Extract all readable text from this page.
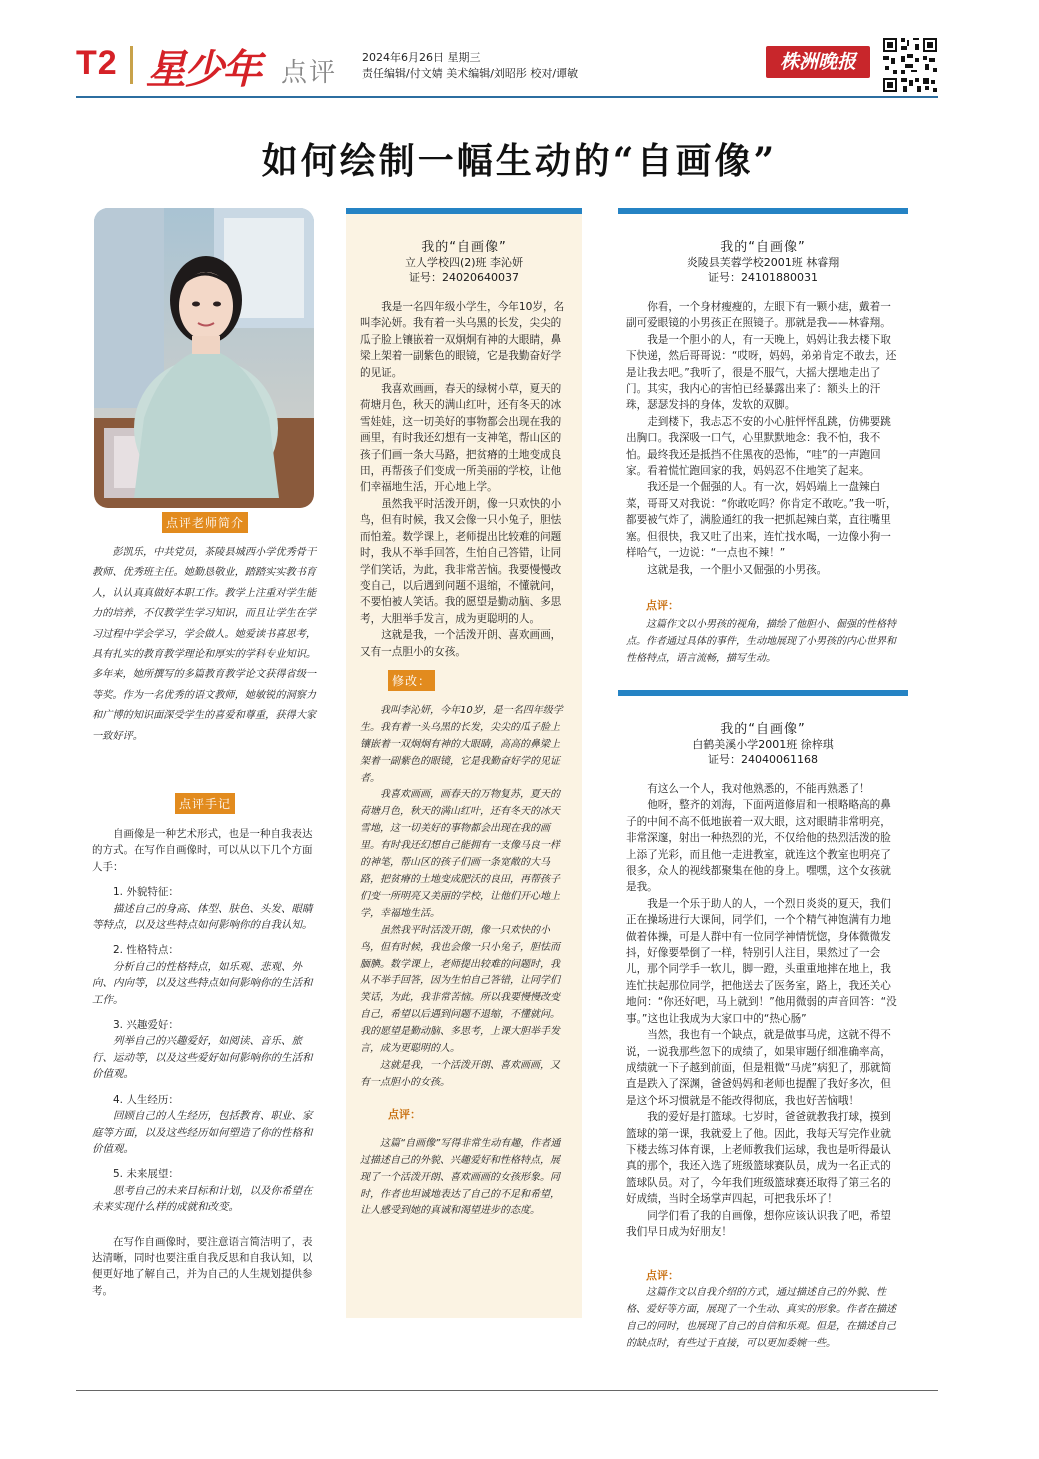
T2 星少年 点评
2024年6月26日 星期三
责任编辑/付文婧 美术编辑/刘昭彤 校对/谭敏
株洲晚报
如何绘制一幅生动的“自画像”
点评老师简介

彭凯乐，中共党员，茶陵县城西小学优秀骨干教师、优秀班主任。她勤恳敬业，踏踏实实教书育人，认认真真做好本职工作。教学上注重对学生能力的培养，不仅教学生学习知识，而且让学生在学习过程中学会学习，学会做人。她爱读书喜思考，具有扎实的教育教学理论和厚实的学科专业知识。多年来，她所撰写的多篇教育教学论文获得省级一等奖。作为一名优秀的语文教师，她敏锐的洞察力和广博的知识面深受学生的喜爱和尊重，获得大家一致好评。

点评手记

自画像是一种艺术形式，也是一种自我表达的方式。在写作自画像时，可以从以下几个方面人手：

1. 外貌特征：

描述自己的身高、体型、肤色、头发、眼睛等特点，以及这些特点如何影响你的自我认知。

2. 性格特点：

分析自己的性格特点，如乐观、悲观、外向、内向等，以及这些特点如何影响你的生活和工作。

3. 兴趣爱好：

列举自己的兴趣爱好，如阅读、音乐、旅行、运动等，以及这些爱好如何影响你的生活和价值观。

4. 人生经历：

回顾自己的人生经历，包括教育、职业、家庭等方面，以及这些经历如何塑造了你的性格和价值观。

5. 未来展望：

思考自己的未来目标和计划，以及你希望在未来实现什么样的成就和改变。

在写作自画像时，要注意语言简洁明了，表达清晰，同时也要注重自我反思和自我认知，以便更好地了解自己，并为自己的人生规划提供参考。

我的“自画像”
立人学校四(2)班 李沁妍
证号：24020640037

我是一名四年级小学生，今年10岁，名叫李沁妍。我有着一头乌黑的长发，尖尖的瓜子脸上镶嵌着一双炯炯有神的大眼睛，鼻梁上架着一副紫色的眼镜，它是我勤奋好学的见证。

我喜欢画画，春天的绿树小草，夏天的荷塘月色，秋天的满山红叶，还有冬天的冰雪娃娃，这一切美好的事物都会出现在我的画里，有时我还幻想有一支神笔，帮山区的孩子们画一条大马路，把贫瘠的土地变成良田，再帮孩子们变成一所美丽的学校，让他们幸福地生活，开心地上学。

虽然我平时活泼开朗，像一只欢快的小鸟，但有时候，我又会像一只小兔子，胆怯而怕羞。数学课上，老师提出比较难的问题时，我从不举手回答，生怕自己答错，让同学们笑话，为此，我非常苦恼。我要慢慢改变自己，以后遇到问题不退缩，不懂就问，不要怕被人笑话。我的愿望是勤动脑、多思考，大胆举手发言，成为更聪明的人。

这就是我，一个活泼开朗、喜欢画画，又有一点胆小的女孩。

修改：

我叫李沁妍，今年10岁，是一名四年级学生。我有着一头乌黑的长发，尖尖的瓜子脸上镶嵌着一双炯炯有神的大眼睛，高高的鼻梁上架着一副紫色的眼镜，它是我勤奋好学的见证者。

我喜欢画画，画春天的万物复苏，夏天的荷塘月色，秋天的满山红叶，还有冬天的冰天雪地，这一切美好的事物都会出现在我的画里。有时我还幻想自己能拥有一支像马良一样的神笔，帮山区的孩子们画一条宽敞的大马路，把贫瘠的土地变成肥沃的良田，再帮孩子们变一所明亮又美丽的学校，让他们开心地上学，幸福地生活。

虽然我平时活泼开朗，像一只欢快的小鸟，但有时候，我也会像一只小兔子，胆怯而腼腆。数学课上，老师提出较难的问题时，我从不举手回答，因为生怕自己答错，让同学们笑话，为此，我非常苦恼。所以我要慢慢改变自己，希望以后遇到问题不退缩，不懂就问。我的愿望是勤动脑、多思考，上课大胆举手发言，成为更聪明的人。

这就是我，一个活泼开朗、喜欢画画，又有一点胆小的女孩。

点评：

这篇“自画像”写得非常生动有趣，作者通过描述自己的外貌、兴趣爱好和性格特点，展现了一个活泼开朗、喜欢画画的女孩形象。同时，作者也坦诚地表达了自己的不足和希望，让人感受到她的真诚和渴望进步的态度。

我的“自画像”
炎陵县芙蓉学校2001班 林睿翔
证号：24101880031

你看，一个身材瘦瘦的，左眼下有一颗小痣，戴着一副可爱眼镜的小男孩正在照镜子。那就是我——林睿翔。

我是一个胆小的人，有一天晚上，妈妈让我去楼下取下快递，然后哥哥说：“哎呀，妈妈，弟弟肯定不敢去，还是让我去吧。”我听了，很是不服气，大摇大摆地走出了门。其实，我内心的害怕已经暴露出来了：额头上的汗珠，瑟瑟发抖的身体，发软的双脚。

走到楼下，我忐忑不安的小心脏怦怦乱跳，仿佛要跳出胸口。我深吸一口气，心里默默地念：我不怕，我不怕。最终我还是抵挡不住黑夜的恐怖，“哇”的一声跑回家。看着慌忙跑回家的我，妈妈忍不住地笑了起来。

我还是一个倔强的人。有一次，妈妈端上一盘辣白菜，哥哥又对我说：“你敢吃吗？你肯定不敢吃。”我一听，都要被气炸了，满脸通红的我一把抓起辣白菜，直往嘴里塞。但很快，我又吐了出来，连忙找水喝，一边像小狗一样哈气，一边说：“一点也不辣！”

这就是我，一个胆小又倔强的小男孩。

点评：

这篇作文以小男孩的视角，描绘了他胆小、倔强的性格特点。作者通过具体的事件，生动地展现了小男孩的内心世界和性格特点，语言流畅，描写生动。

我的“自画像”
白鹤美溪小学2001班 徐梓琪
证号：24040061168

有这么一个人，我对他熟悉的，不能再熟悉了！

他呀，整齐的刘海，下面两道修眉和一根略略高的鼻子的中间不高不低地嵌着一双大眼，这对眼睛非常明亮，非常深邃，射出一种热烈的光，不仅给他的热烈活泼的脸上添了光彩，而且他一走进教室，就连这个教室也明亮了很多，众人的视线都聚集在他的身上。嘿嘿，这个女孩就是我。

我是一个乐于助人的人，一个烈日炎炎的夏天，我们正在操场进行大课间，同学们，一个个精气神饱满有力地做着体操，可是人群中有一位同学神情恍惚，身体微微发抖，好像要晕倒了一样，特别引人注目，果然过了一会儿，那个同学手一软儿，脚一蹬，头重重地摔在地上，我连忙扶起那位同学，把他送去了医务室，路上，我还关心地问：“你还好吧，马上就到！”他用微弱的声音回答：“没事。”这也让我成为大家口中的“热心肠”

当然，我也有一个缺点，就是做事马虎，这就不得不说，一说我那些忽下的成绩了，如果审题仔细准确率高，成绩就一下子越到前面，但是粗微“马虎”病犯了，那就简直是跌入了深渊，爸爸妈妈和老师也提醒了我好多次，但是这个坏习惯就是不能改得彻底，我也好苦恼哦！

我的爱好是打篮球。七岁时，爸爸就教我打球，摸到篮球的第一课，我就爱上了他。因此，我每天写完作业就下楼去练习体育课，上老师教我们运球，我也是听得最认真的那个，我还入选了班级篮球赛队员，成为一名正式的篮球队员。对了，今年我们班级篮球赛还取得了第三名的好成绩，当时全场掌声四起，可把我乐坏了！

同学们看了我的自画像，想你应该认识我了吧，希望我们早日成为好朋友！

点评：

这篇作文以自我介绍的方式，通过描述自己的外貌、性格、爱好等方面，展现了一个生动、真实的形象。作者在描述自己的同时，也展现了自己的自信和乐观。但是，在描述自己的缺点时，有些过于直接，可以更加委婉一些。
